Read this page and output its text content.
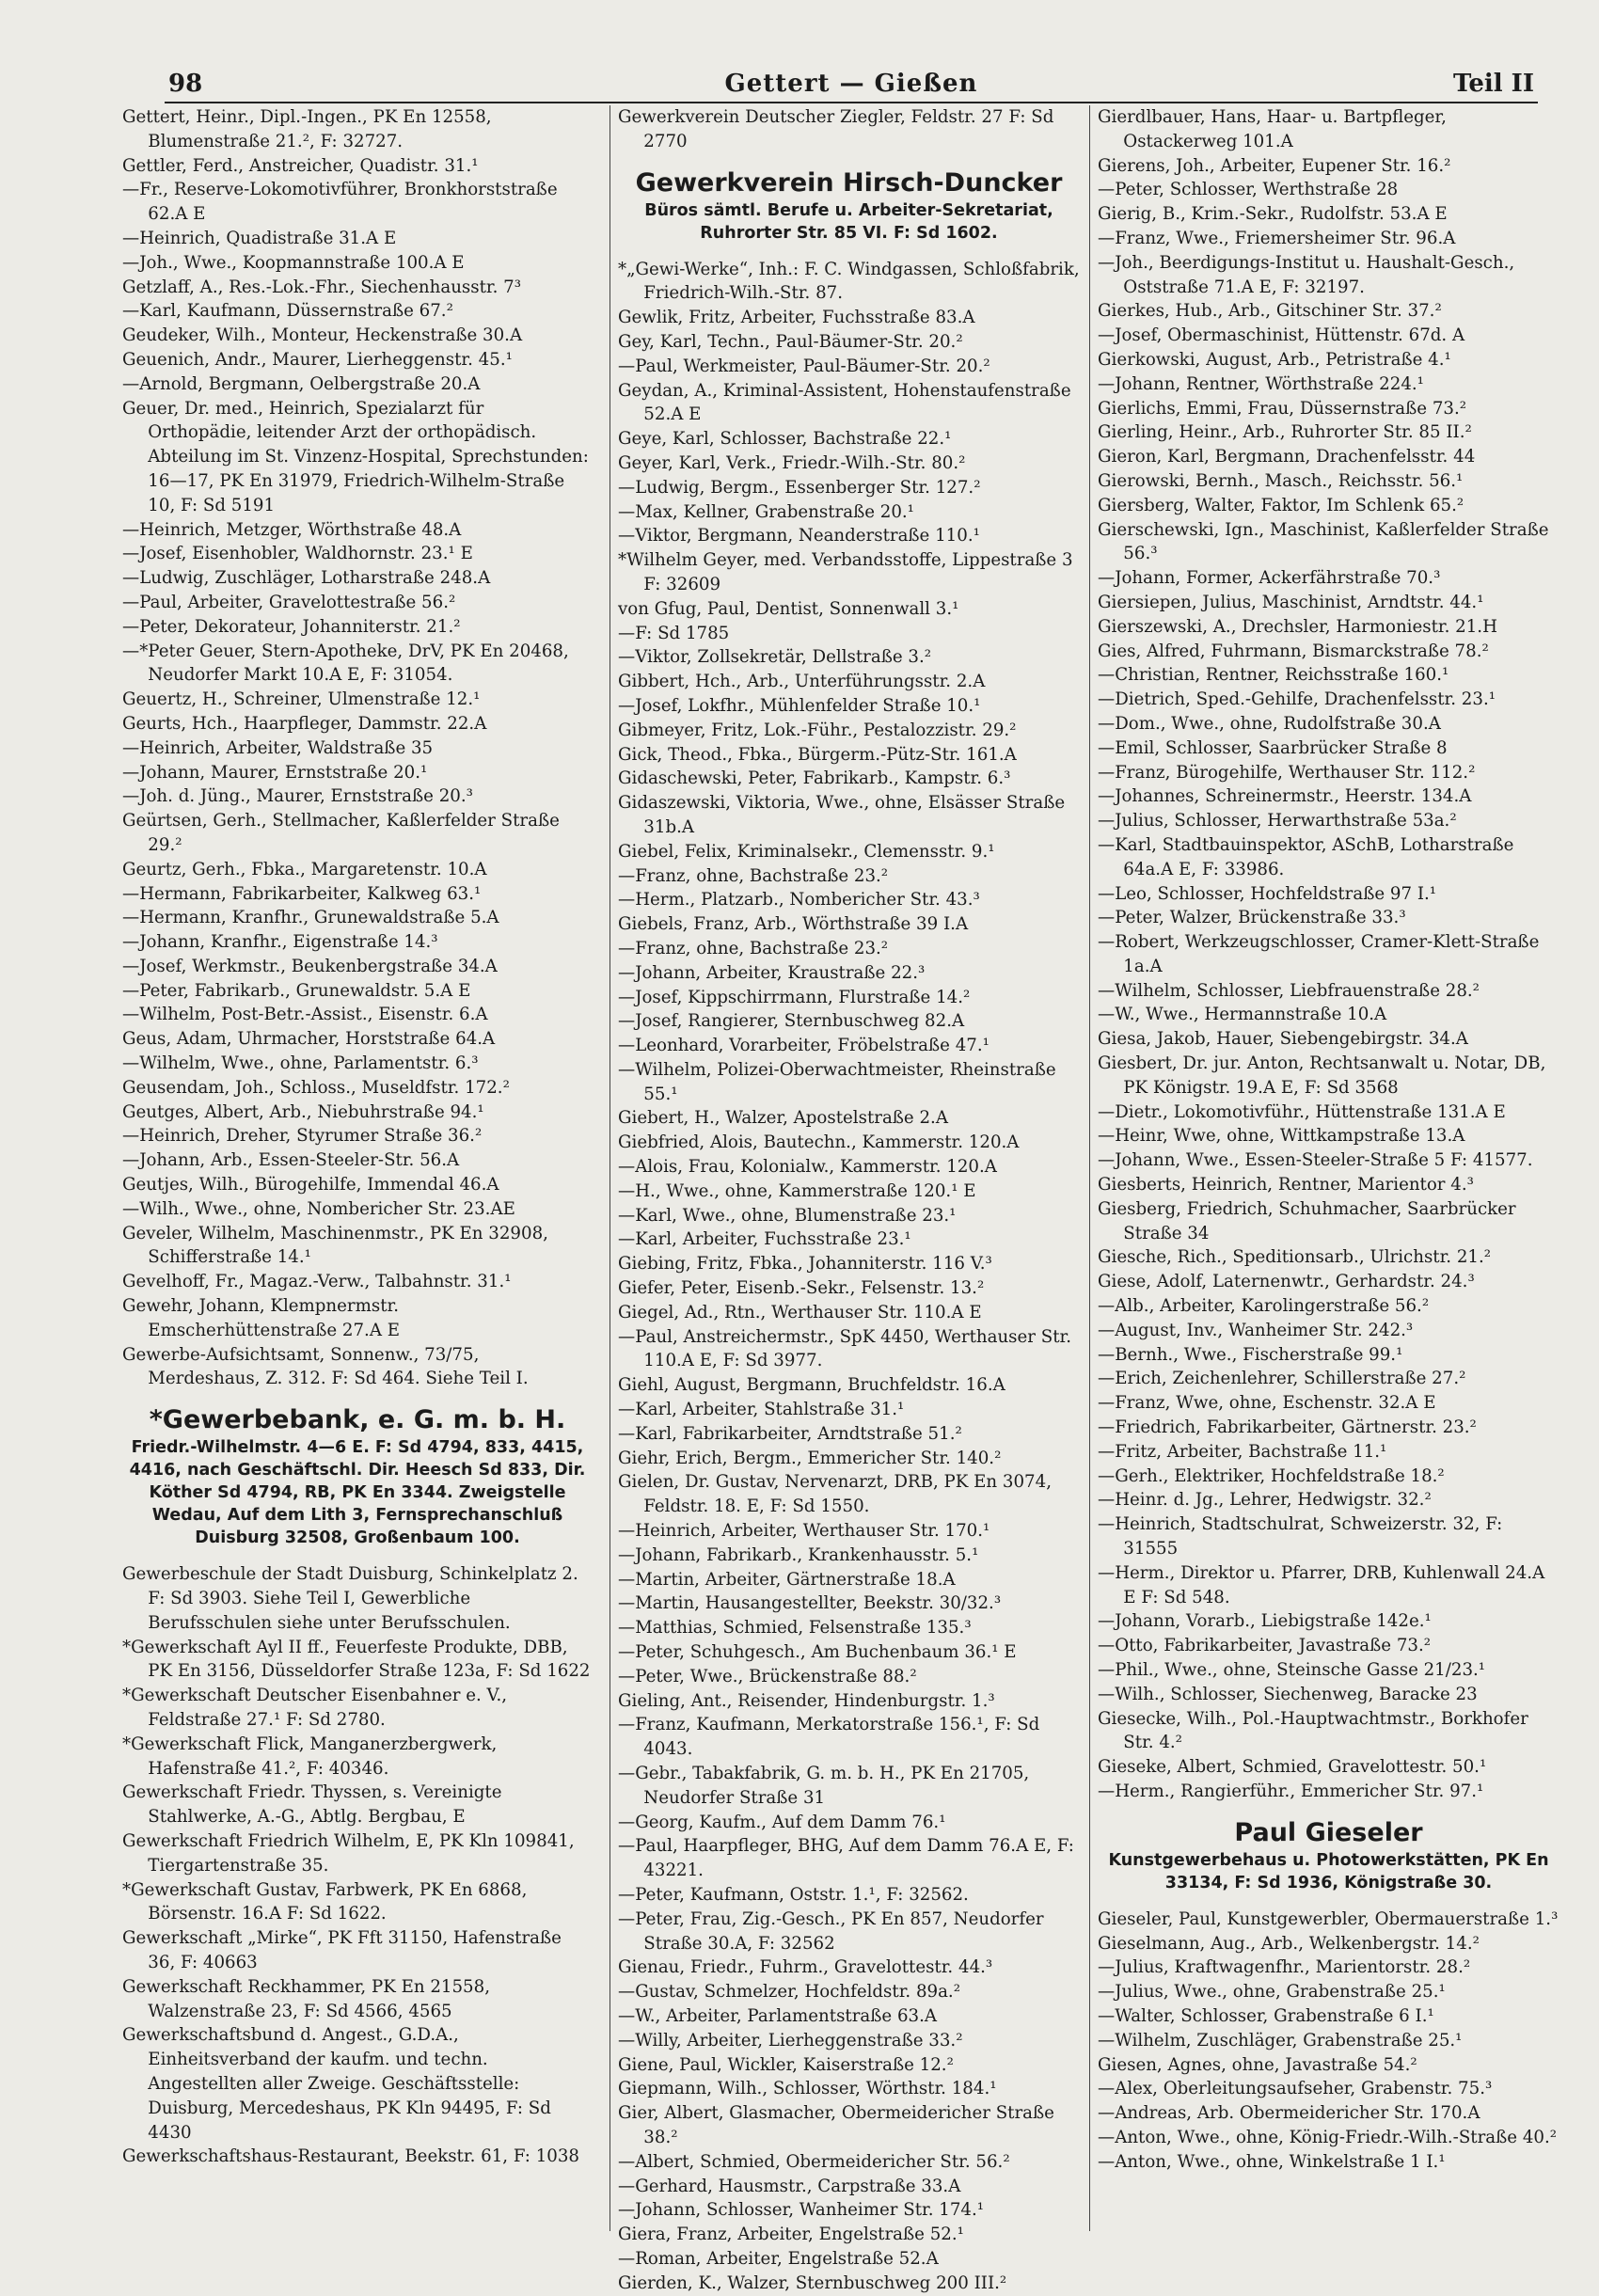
98	Gettert — Gießen	Teil II
Gettert, Heinr., Dipl.-Ingen., PK En 12558, Blumenstraße 21.², F: 32727.
Gettler, Ferd., Anstreicher, Quadistr. 31.¹
—Fr., Reserve-Lokomotivführer, Bronkhorststraße 62.A E
—Heinrich, Quadistraße 31.A E
—Joh., Wwe., Koopmannstraße 100.A E
Getzlaff, A., Res.-Lok.-Fhr., Siechenhausstr. 7³
—Karl, Kaufmann, Düssernstraße 67.²
Geudeker, Wilh., Monteur, Heckenstraße 30.A
Geuenich, Andr., Maurer, Lierheggenstr. 45.¹
—Arnold, Bergmann, Oelbergstraße 20.A
Geuer, Dr. med., Heinrich, Spezialarzt für Orthopädie, leitender Arzt der orthopädisch. Abteilung im St. Vinzenz-Hospital, Sprechstunden: 16—17, PK En 31979, Friedrich-Wilhelm-Straße 10, F: Sd 5191
—Heinrich, Metzger, Wörthstraße 48.A
—Josef, Eisenhobler, Waldhornstr. 23.¹ E
—Ludwig, Zuschläger, Lotharstraße 248.A
—Paul, Arbeiter, Gravelottestraße 56.²
—Peter, Dekorateur, Johanniterstr. 21.²
—*Peter Geuer, Stern-Apotheke, DrV, PK En 20468, Neudorfer Markt 10.A E, F: 31054.
Geuertz, H., Schreiner, Ulmenstraße 12.¹
Geurts, Hch., Haarpfleger, Dammstr. 22.A
—Heinrich, Arbeiter, Waldstraße 35
—Johann, Maurer, Ernststraße 20.¹
—Joh. d. Jüng., Maurer, Ernststraße 20.³
Geürtsen, Gerh., Stellmacher, Kaßlerfelder Straße 29.²
Geurtz, Gerh., Fbka., Margaretenstr. 10.A
—Hermann, Fabrikarbeiter, Kalkweg 63.¹
—Hermann, Kranfhr., Grunewaldstraße 5.A
—Johann, Kranfhr., Eigenstraße 14.³
—Josef, Werkmstr., Beukenbergstraße 34.A
—Peter, Fabrikarb., Grunewaldstr. 5.A E
—Wilhelm, Post-Betr.-Assist., Eisenstr. 6.A
Geus, Adam, Uhrmacher, Horststraße 64.A
—Wilhelm, Wwe., ohne, Parlamentstr. 6.³
Geusendam, Joh., Schloss., Museldfstr. 172.²
Geutges, Albert, Arb., Niebuhrstraße 94.¹
—Heinrich, Dreher, Styrumer Straße 36.²
—Johann, Arb., Essen-Steeler-Str. 56.A
Geutjes, Wilh., Bürogehilfe, Immendal 46.A
—Wilh., Wwe., ohne, Nombericher Str. 23.AE
Geveler, Wilhelm, Maschinenmstr., PK En 32908, Schifferstraße 14.¹
Gevelhoff, Fr., Magaz.-Verw., Talbahnstr. 31.¹
Gewehr, Johann, Klempnermstr. Emscherhüttenstraße 27.A E
Gewerbe-Aufsichtsamt, Sonnenw., 73/75, Merdeshaus, Z. 312. F: Sd 464. Siehe Teil I.
*Gewerbebank, e. G. m. b. H.
Friedr.-Wilhelmstr. 4—6 E. F: Sd 4794, 833, 4415, 4416, nach Geschäftschl. Dir. Heesch Sd 833, Dir. Köther Sd 4794, RB, PK En 3344. Zweigstelle Wedau, Auf dem Lith 3, Fernsprechanschluß Duisburg 32508, Großenbaum 100.
Gewerbeschule der Stadt Duisburg, Schinkelplatz 2. F: Sd 3903. Siehe Teil I, Gewerbliche Berufsschulen siehe unter Berufsschulen.
*Gewerkschaft Ayl II ff., Feuerfeste Produkte, DBB, PK En 3156, Düsseldorfer Straße 123a, F: Sd 1622
*Gewerkschaft Deutscher Eisenbahner e. V., Feldstraße 27.¹ F: Sd 2780.
*Gewerkschaft Flick, Manganerzbergwerk, Hafenstraße 41.², F: 40346.
Gewerkschaft Friedr. Thyssen, s. Vereinigte Stahlwerke, A.-G., Abtlg. Bergbau, E
Gewerkschaft Friedrich Wilhelm, E, PK Kln 109841, Tiergartenstraße 35.
*Gewerkschaft Gustav, Farbwerk, PK En 6868, Börsenstr. 16.A F: Sd 1622.
Gewerkschaft „Mirke“, PK Fft 31150, Hafenstraße 36, F: 40663
Gewerkschaft Reckhammer, PK En 21558, Walzenstraße 23, F: Sd 4566, 4565
Gewerkschaftsbund d. Angest., G.D.A., Einheitsverband der kaufm. und techn. Angestellten aller Zweige. Geschäftsstelle: Duisburg, Mercedeshaus, PK Kln 94495, F: Sd 4430
Gewerkschaftshaus-Restaurant, Beekstr. 61, F: 1038
Gewerkverein Deutscher Ziegler, Feldstr. 27 F: Sd 2770
Gewerkverein Hirsch-Duncker
Büros sämtl. Berufe u. Arbeiter-Sekretariat, Ruhrorter Str. 85 VI. F: Sd 1602.
*„Gewi-Werke“, Inh.: F. C. Windgassen, Schloßfabrik, Friedrich-Wilh.-Str. 87.
Gewlik, Fritz, Arbeiter, Fuchsstraße 83.A
Gey, Karl, Techn., Paul-Bäumer-Str. 20.²
—Paul, Werkmeister, Paul-Bäumer-Str. 20.²
Geydan, A., Kriminal-Assistent, Hohenstaufenstraße 52.A E
Geye, Karl, Schlosser, Bachstraße 22.¹
Geyer, Karl, Verk., Friedr.-Wilh.-Str. 80.²
—Ludwig, Bergm., Essenberger Str. 127.²
—Max, Kellner, Grabenstraße 20.¹
—Viktor, Bergmann, Neanderstraße 110.¹
*Wilhelm Geyer, med. Verbandsstoffe, Lippestraße 3 F: 32609
von Gfug, Paul, Dentist, Sonnenwall 3.¹
—F: Sd 1785
—Viktor, Zollsekretär, Dellstraße 3.²
Gibbert, Hch., Arb., Unterführungsstr. 2.A
—Josef, Lokfhr., Mühlenfelder Straße 10.¹
Gibmeyer, Fritz, Lok.-Führ., Pestalozzistr. 29.²
Gick, Theod., Fbka., Bürgerm.-Pütz-Str. 161.A
Gidaschewski, Peter, Fabrikarb., Kampstr. 6.³
Gidaszewski, Viktoria, Wwe., ohne, Elsässer Straße 31b.A
Giebel, Felix, Kriminalsekr., Clemensstr. 9.¹
—Franz, ohne, Bachstraße 23.²
—Herm., Platzarb., Nombericher Str. 43.³
Giebels, Franz, Arb., Wörthstraße 39 I.A
—Franz, ohne, Bachstraße 23.²
—Johann, Arbeiter, Kraustraße 22.³
—Josef, Kippschirrmann, Flurstraße 14.²
—Josef, Rangierer, Sternbuschweg 82.A
—Leonhard, Vorarbeiter, Fröbelstraße 47.¹
—Wilhelm, Polizei-Oberwachtmeister, Rheinstraße 55.¹
Giebert, H., Walzer, Apostelstraße 2.A
Giebfried, Alois, Bautechn., Kammerstr. 120.A
—Alois, Frau, Kolonialw., Kammerstr. 120.A
—H., Wwe., ohne, Kammerstraße 120.¹ E
—Karl, Wwe., ohne, Blumenstraße 23.¹
—Karl, Arbeiter, Fuchsstraße 23.¹
Giebing, Fritz, Fbka., Johanniterstr. 116 V.³
Giefer, Peter, Eisenb.-Sekr., Felsenstr. 13.²
Giegel, Ad., Rtn., Werthauser Str. 110.A E
—Paul, Anstreichermstr., SpK 4450, Werthauser Str. 110.A E, F: Sd 3977.
Giehl, August, Bergmann, Bruchfeldstr. 16.A
—Karl, Arbeiter, Stahlstraße 31.¹
—Karl, Fabrikarbeiter, Arndtstraße 51.²
Giehr, Erich, Bergm., Emmericher Str. 140.²
Gielen, Dr. Gustav, Nervenarzt, DRB, PK En 3074, Feldstr. 18. E, F: Sd 1550.
—Heinrich, Arbeiter, Werthauser Str. 170.¹
—Johann, Fabrikarb., Krankenhausstr. 5.¹
—Martin, Arbeiter, Gärtnerstraße 18.A
—Martin, Hausangestellter, Beekstr. 30/32.³
—Matthias, Schmied, Felsenstraße 135.³
—Peter, Schuhgesch., Am Buchenbaum 36.¹ E
—Peter, Wwe., Brückenstraße 88.²
Gieling, Ant., Reisender, Hindenburgstr. 1.³
—Franz, Kaufmann, Merkatorstraße 156.¹, F: Sd 4043.
—Gebr., Tabakfabrik, G. m. b. H., PK En 21705, Neudorfer Straße 31
—Georg, Kaufm., Auf dem Damm 76.¹
—Paul, Haarpfleger, BHG, Auf dem Damm 76.A E, F: 43221.
—Peter, Kaufmann, Oststr. 1.¹, F: 32562.
—Peter, Frau, Zig.-Gesch., PK En 857, Neudorfer Straße 30.A, F: 32562
Gienau, Friedr., Fuhrm., Gravelottestr. 44.³
—Gustav, Schmelzer, Hochfeldstr. 89a.²
—W., Arbeiter, Parlamentstraße 63.A
—Willy, Arbeiter, Lierheggenstraße 33.²
Giene, Paul, Wickler, Kaiserstraße 12.²
Giepmann, Wilh., Schlosser, Wörthstr. 184.¹
Gier, Albert, Glasmacher, Obermeidericher Straße 38.²
—Albert, Schmied, Obermeidericher Str. 56.²
—Gerhard, Hausmstr., Carpstraße 33.A
—Johann, Schlosser, Wanheimer Str. 174.¹
Giera, Franz, Arbeiter, Engelstraße 52.¹
—Roman, Arbeiter, Engelstraße 52.A
Gierden, K., Walzer, Sternbuschweg 200 III.²
Gierdlbauer, Hans, Haar- u. Bartpfleger, Ostackerweg 101.A
Gierens, Joh., Arbeiter, Eupener Str. 16.²
—Peter, Schlosser, Werthstraße 28
Gierig, B., Krim.-Sekr., Rudolfstr. 53.A E
—Franz, Wwe., Friemersheimer Str. 96.A
—Joh., Beerdigungs-Institut u. Haushalt-Gesch., Oststraße 71.A E, F: 32197.
Gierkes, Hub., Arb., Gitschiner Str. 37.²
—Josef, Obermaschinist, Hüttenstr. 67d. A
Gierkowski, August, Arb., Petristraße 4.¹
—Johann, Rentner, Wörthstraße 224.¹
Gierlichs, Emmi, Frau, Düssernstraße 73.²
Gierling, Heinr., Arb., Ruhrorter Str. 85 II.²
Gieron, Karl, Bergmann, Drachenfelsstr. 44
Gierowski, Bernh., Masch., Reichsstr. 56.¹
Giersberg, Walter, Faktor, Im Schlenk 65.²
Gierschewski, Ign., Maschinist, Kaßlerfelder Straße 56.³
—Johann, Former, Ackerfährstraße 70.³
Giersiepen, Julius, Maschinist, Arndtstr. 44.¹
Gierszewski, A., Drechsler, Harmoniestr. 21.H
Gies, Alfred, Fuhrmann, Bismarckstraße 78.²
—Christian, Rentner, Reichsstraße 160.¹
—Dietrich, Sped.-Gehilfe, Drachenfelsstr. 23.¹
—Dom., Wwe., ohne, Rudolfstraße 30.A
—Emil, Schlosser, Saarbrücker Straße 8
—Franz, Bürogehilfe, Werthauser Str. 112.²
—Johannes, Schreinermstr., Heerstr. 134.A
—Julius, Schlosser, Herwarthstraße 53a.²
—Karl, Stadtbauinspektor, ASchB, Lotharstraße 64a.A E, F: 33986.
—Leo, Schlosser, Hochfeldstraße 97 I.¹
—Peter, Walzer, Brückenstraße 33.³
—Robert, Werkzeugschlosser, Cramer-Klett-Straße 1a.A
—Wilhelm, Schlosser, Liebfrauenstraße 28.²
—W., Wwe., Hermannstraße 10.A
Giesa, Jakob, Hauer, Siebengebirgstr. 34.A
Giesbert, Dr. jur. Anton, Rechtsanwalt u. Notar, DB, PK Königstr. 19.A E, F: Sd 3568
—Dietr., Lokomotivführ., Hüttenstraße 131.A E
—Heinr, Wwe, ohne, Wittkampstraße 13.A
—Johann, Wwe., Essen-Steeler-Straße 5 F: 41577.
Giesberts, Heinrich, Rentner, Marientor 4.³
Giesberg, Friedrich, Schuhmacher, Saarbrücker Straße 34
Giesche, Rich., Speditionsarb., Ulrichstr. 21.²
Giese, Adolf, Laternenwtr., Gerhardstr. 24.³
—Alb., Arbeiter, Karolingerstraße 56.²
—August, Inv., Wanheimer Str. 242.³
—Bernh., Wwe., Fischerstraße 99.¹
—Erich, Zeichenlehrer, Schillerstraße 27.²
—Franz, Wwe, ohne, Eschenstr. 32.A E
—Friedrich, Fabrikarbeiter, Gärtnerstr. 23.²
—Fritz, Arbeiter, Bachstraße 11.¹
—Gerh., Elektriker, Hochfeldstraße 18.²
—Heinr. d. Jg., Lehrer, Hedwigstr. 32.²
—Heinrich, Stadtschulrat, Schweizerstr. 32, F: 31555
—Herm., Direktor u. Pfarrer, DRB, Kuhlenwall 24.A E F: Sd 548.
—Johann, Vorarb., Liebigstraße 142e.¹
—Otto, Fabrikarbeiter, Javastraße 73.²
—Phil., Wwe., ohne, Steinsche Gasse 21/23.¹
—Wilh., Schlosser, Siechenweg, Baracke 23
Giesecke, Wilh., Pol.-Hauptwachtmstr., Borkhofer Str. 4.²
Gieseke, Albert, Schmied, Gravelottestr. 50.¹
—Herm., Rangierführ., Emmericher Str. 97.¹
Paul Gieseler
Kunstgewerbehaus u. Photowerkstätten, PK En 33134, F: Sd 1936, Königstraße 30.
Gieseler, Paul, Kunstgewerbler, Obermauerstraße 1.³
Gieselmann, Aug., Arb., Welkenbergstr. 14.²
—Julius, Kraftwagenfhr., Marientorstr. 28.²
—Julius, Wwe., ohne, Grabenstraße 25.¹
—Walter, Schlosser, Grabenstraße 6 I.¹
—Wilhelm, Zuschläger, Grabenstraße 25.¹
Giesen, Agnes, ohne, Javastraße 54.²
—Alex, Oberleitungsaufseher, Grabenstr. 75.³
—Andreas, Arb. Obermeidericher Str. 170.A
—Anton, Wwe., ohne, König-Friedr.-Wilh.-Straße 40.²
—Anton, Wwe., ohne, Winkelstraße 1 I.¹
